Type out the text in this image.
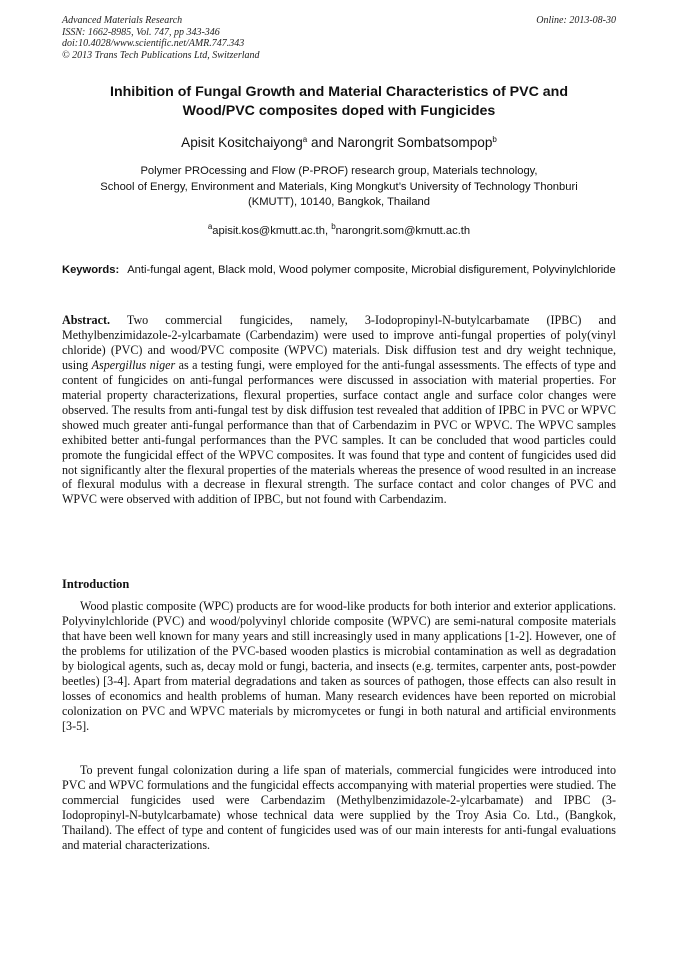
Advanced Materials Research
ISSN: 1662-8985, Vol. 747, pp 343-346
doi:10.4028/www.scientific.net/AMR.747.343
© 2013 Trans Tech Publications Ltd, Switzerland
Online: 2013-08-30
Inhibition of Fungal Growth and Material Characteristics of PVC and
Wood/PVC composites doped with Fungicides
Apisit Kositchaiyong$^a$ and Narongrit Sombatsompop$^b$
Polymer PROcessing and Flow (P-PROF) research group, Materials technology,
School of Energy, Environment and Materials, King Mongkut’s University of Technology Thonburi
(KMUTT), 10140, Bangkok, Thailand
$^a$apisit.kos@kmutt.ac.th, $^b$narongrit.som@kmutt.ac.th
Keywords: Anti-fungal agent, Black mold, Wood polymer composite, Microbial disfigurement, Polyvinylchloride
Abstract. Two commercial fungicides, namely, 3-Iodopropinyl-N-butylcarbamate (IPBC) and Methylbenzimidazole-2-ylcarbamate (Carbendazim) were used to improve anti-fungal properties of poly(vinyl chloride) (PVC) and wood/PVC composite (WPVC) materials. Disk diffusion test and dry weight technique, using Aspergillus niger as a testing fungi, were employed for the anti-fungal assessments. The effects of type and content of fungicides on anti-fungal performances were discussed in association with material properties. For material property characterizations, flexural properties, surface contact angle and surface color changes were observed. The results from anti-fungal test by disk diffusion test revealed that addition of IPBC in PVC or WPVC showed much greater anti-fungal performance than that of Carbendazim in PVC or WPVC. The WPVC samples exhibited better anti-fungal performances than the PVC samples. It can be concluded that wood particles could promote the fungicidal effect of the WPVC composites. It was found that type and content of fungicides used did not significantly alter the flexural properties of the materials whereas the presence of wood resulted in an increase of flexural modulus with a decrease in flexural strength. The surface contact and color changes of PVC and WPVC were observed with addition of IPBC, but not found with Carbendazim.
Introduction
Wood plastic composite (WPC) products are for wood-like products for both interior and exterior applications. Polyvinylchloride (PVC) and wood/polyvinyl chloride composite (WPVC) are semi-natural composite materials that have been well known for many years and still increasingly used in many applications [1-2]. However, one of the problems for utilization of the PVC-based wooden plastics is microbial contamination as well as degradation by biological agents, such as, decay mold or fungi, bacteria, and insects (e.g. termites, carpenter ants, post-powder beetles) [3-4]. Apart from material degradations and taken as sources of pathogen, those effects can also result in losses of economics and health problems of human. Many research evidences have been reported on microbial colonization on PVC and WPVC materials by micromycetes or fungi in both natural and artificial environments [3-5].
To prevent fungal colonization during a life span of materials, commercial fungicides were introduced into PVC and WPVC formulations and the fungicidal effects accompanying with material properties were studied. The commercial fungicides used were Carbendazim (Methylbenzimidazole-2-ylcarbamate) and IPBC (3-Iodopropinyl-N-butylcarbamate) whose technical data were supplied by the Troy Asia Co. Ltd., (Bangkok, Thailand). The effect of type and content of fungicides used was of our main interests for anti-fungal evaluations and material characterizations.
